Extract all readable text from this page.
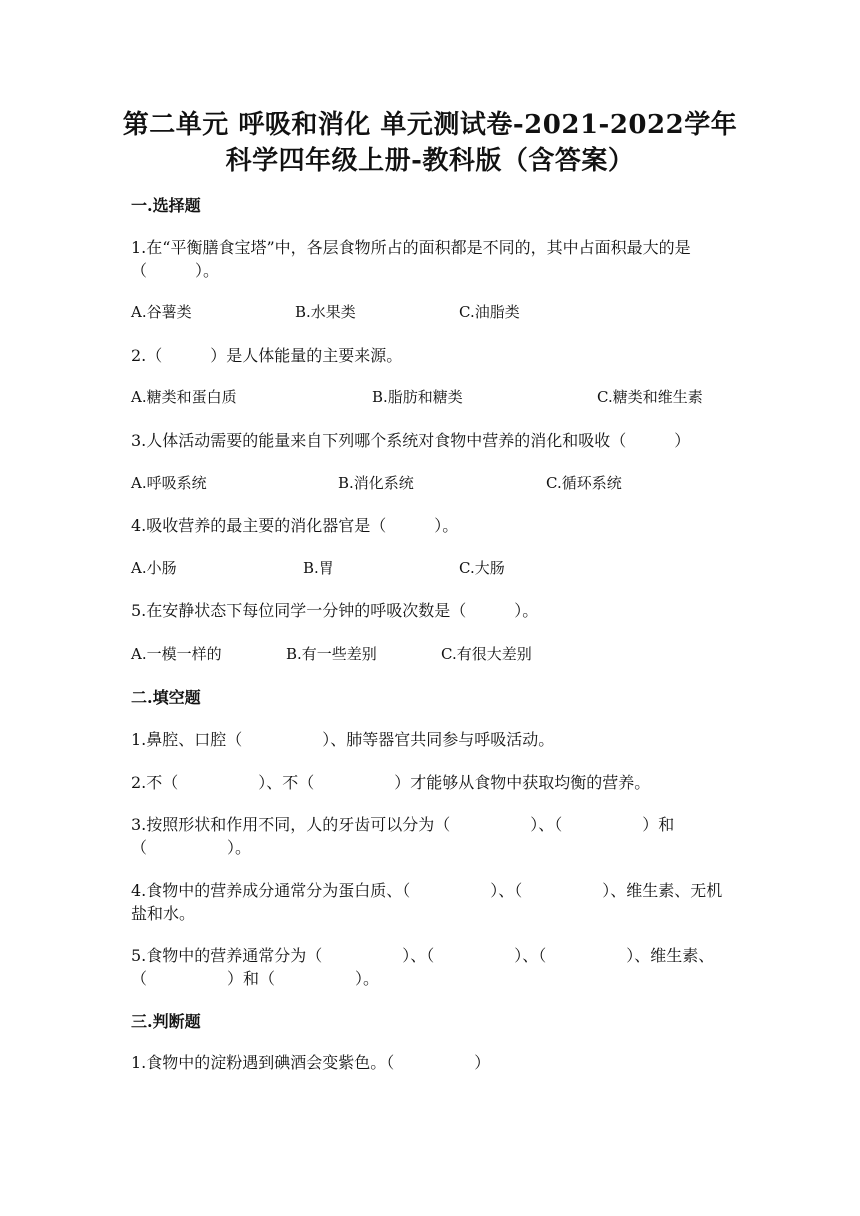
第二单元 呼吸和消化 单元测试卷-2021-2022学年
科学四年级上册-教科版（含答案）
一.选择题
1.在“平衡膳食宝塔”中，各层食物所占的面积都是不同的，其中占面积最大的是（　　　）。
A.谷薯类	B.水果类	C.油脂类
2.（　　　）是人体能量的主要来源。
A.糖类和蛋白质	B.脂肪和糖类	C.糖类和维生素
3.人体活动需要的能量来自下列哪个系统对食物中营养的消化和吸收（　　　）
A.呼吸系统	B.消化系统	C.循环系统
4.吸收营养的最主要的消化器官是（　　　）。
A.小肠	B.胃	C.大肠
5.在安静状态下每位同学一分钟的呼吸次数是（　　　）。
A.一模一样的	B.有一些差别	C.有很大差别
二.填空题
1.鼻腔、口腔（　　　　　）、肺等器官共同参与呼吸活动。
2.不（　　　　　）、不（　　　　　）才能够从食物中获取均衡的营养。
3.按照形状和作用不同，人的牙齿可以分为（　　　　　）、（　　　　　）和（　　　　　）。
4.食物中的营养成分通常分为蛋白质、（　　　　　）、（　　　　　）、维生素、无机盐和水。
5.食物中的营养通常分为（　　　　　）、（　　　　　）、（　　　　　）、维生素、（　　　　　）和（　　　　　）。
三.判断题
1.食物中的淀粉遇到碘酒会变紫色。（　　　　　）
